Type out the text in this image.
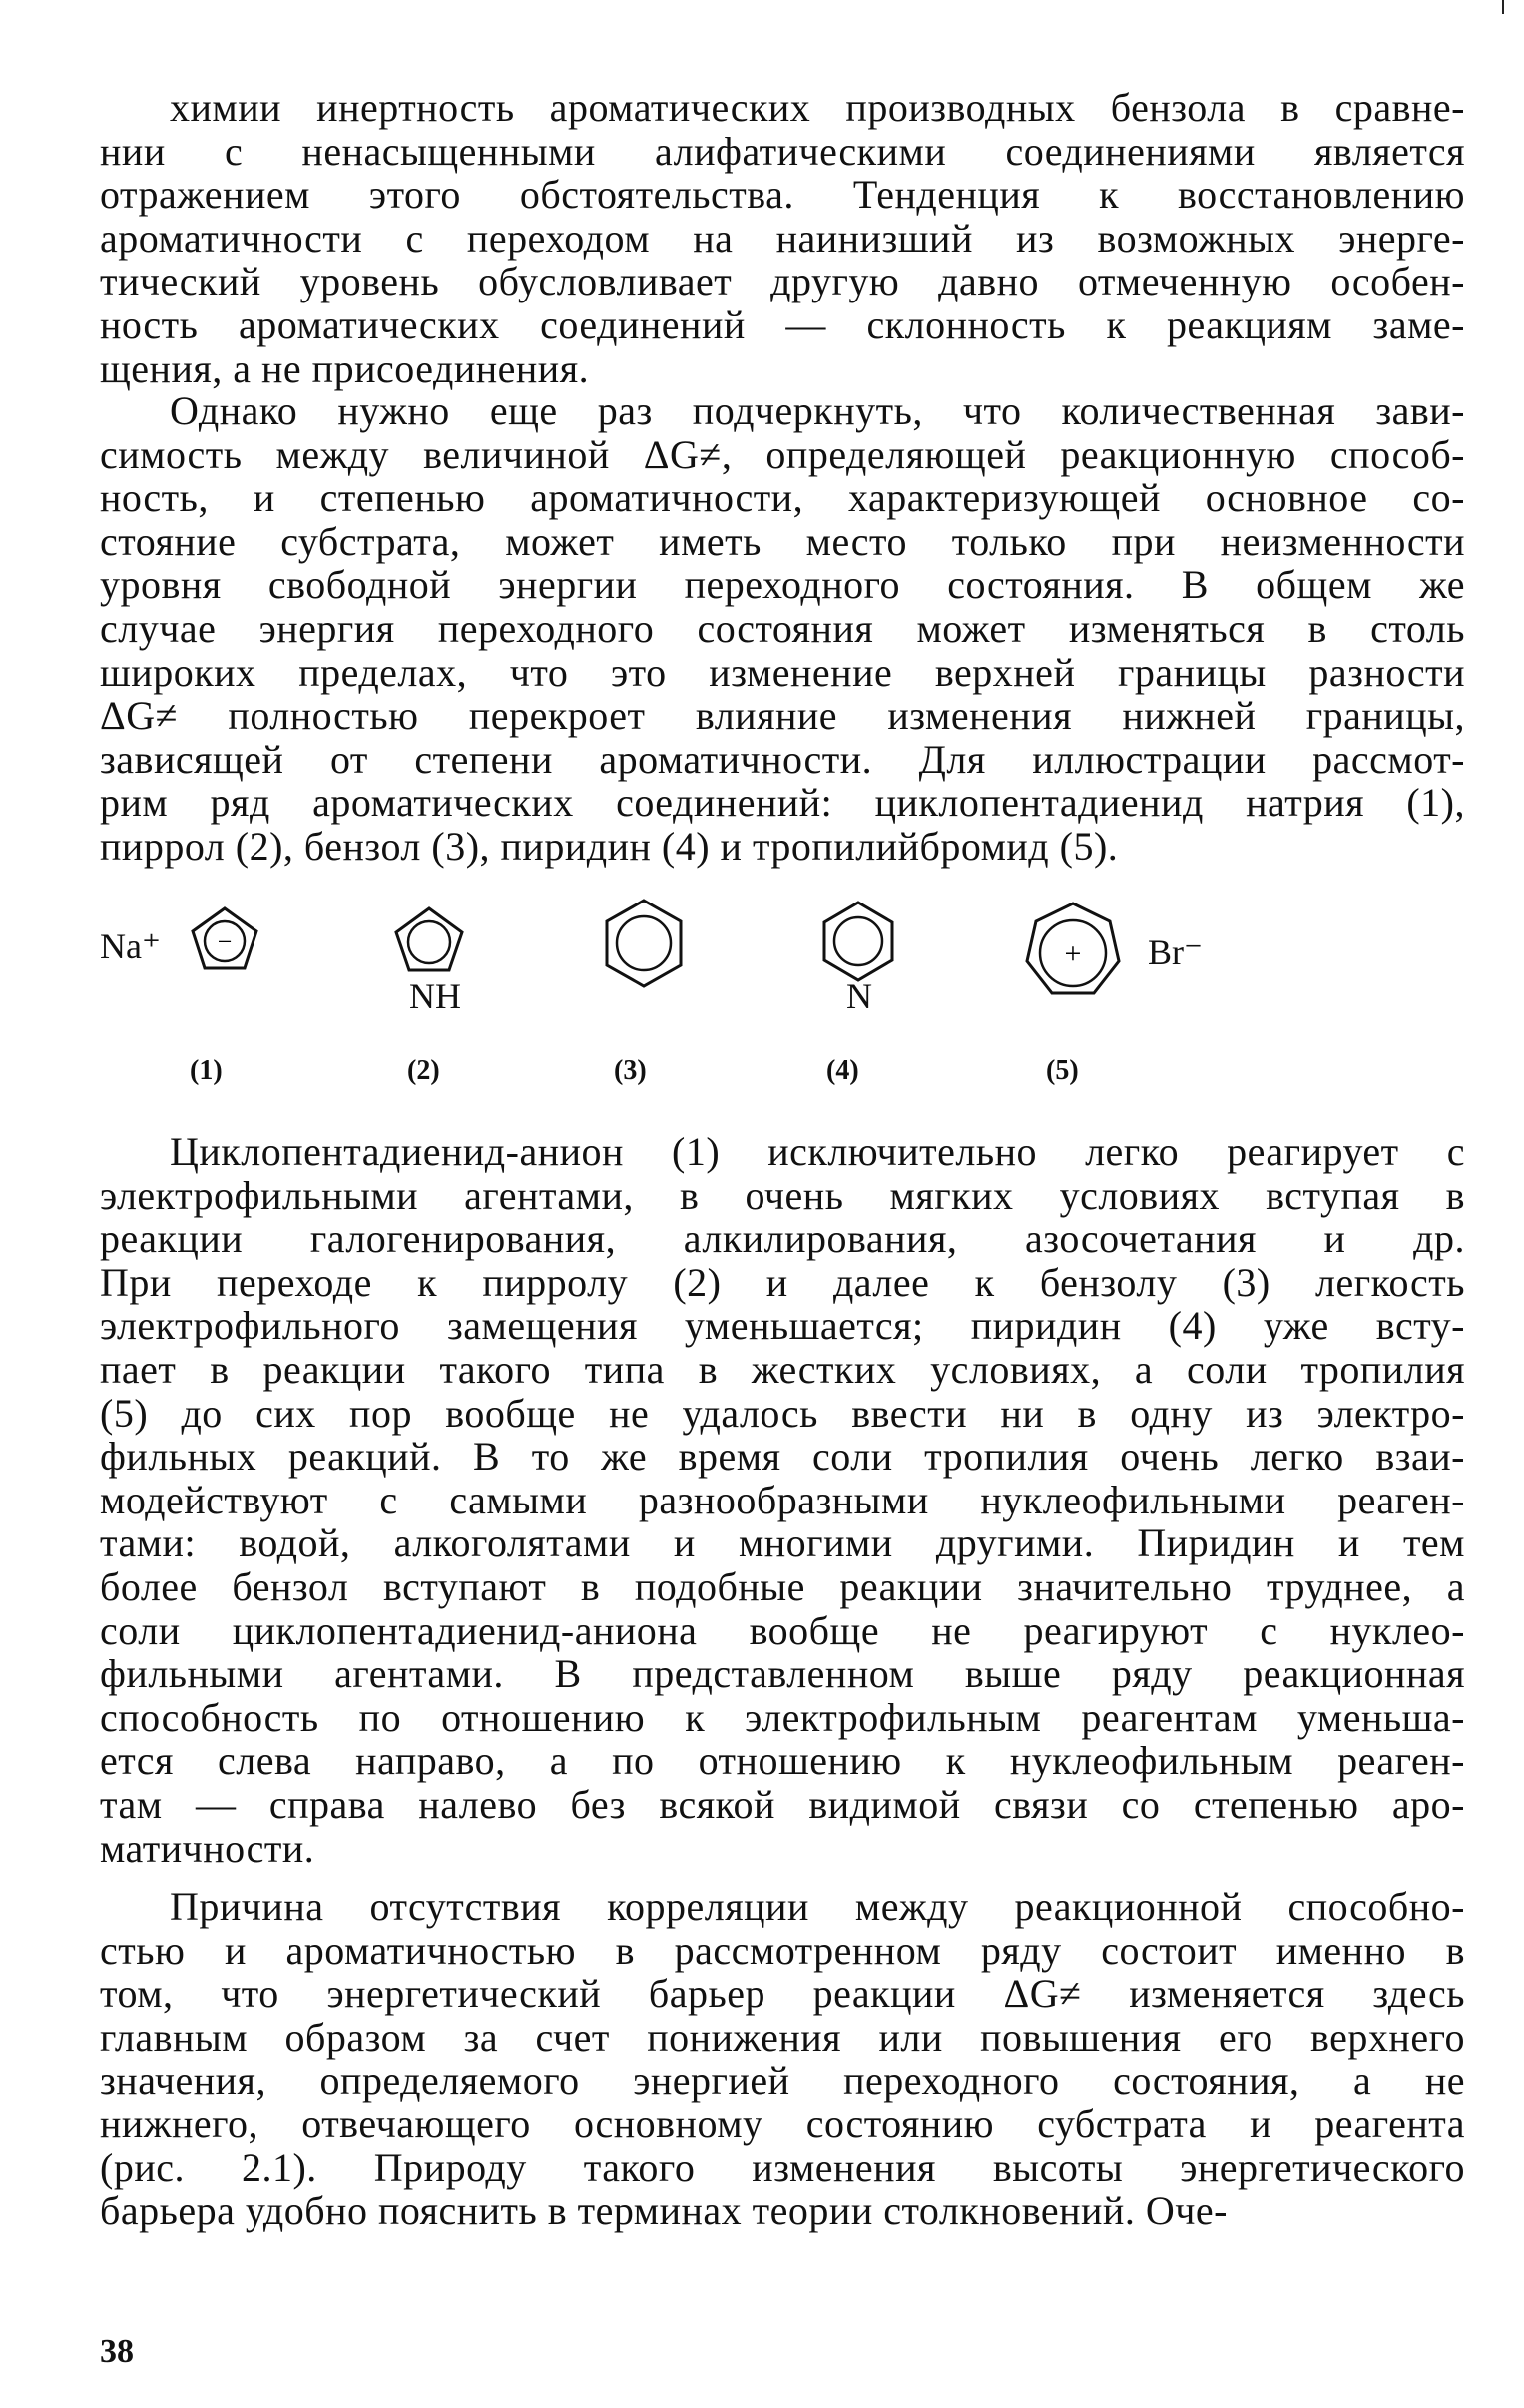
химии инертность ароматических производных бензола в сравне-
нии с ненасыщенными алифатическими соединениями является
отражением этого обстоятельства. Тенденция к восстановлению
ароматичности с переходом на наинизший из возможных энерге-
тический уровень обусловливает другую давно отмеченную особен-
ность ароматических соединений — склонность к реакциям заме-
щения, а не присоединения.
Однако нужно еще раз подчеркнуть, что количественная зави-
симость между величиной ΔG≠, определяющей реакционную способ-
ность, и степенью ароматичности, характеризующей основное со-
стояние субстрата, может иметь место только при неизменности
уровня свободной энергии переходного состояния. В общем же
случае энергия переходного состояния может изменяться в столь
широких пределах, что это изменение верхней границы разности
ΔG≠ полностью перекроет влияние изменения нижней границы,
зависящей от степени ароматичности. Для иллюстрации рассмот-
рим ряд ароматических соединений: циклопентадиенид натрия (1),
пиррол (2), бензол (3), пиридин (4) и тропилийбромид (5).
Na⁺ −
(1)
NH
(2)	(3)
N
(4)
+ Br⁻
(5)
Циклопентадиенид-анион (1) исключительно легко реагирует с
электрофильными агентами, в очень мягких условиях вступая в
реакции галогенирования, алкилирования, азосочетания и др.
При переходе к пирролу (2) и далее к бензолу (3) легкость
электрофильного замещения уменьшается; пиридин (4) уже всту-
пает в реакции такого типа в жестких условиях, а соли тропилия
(5) до сих пор вообще не удалось ввести ни в одну из электро-
фильных реакций. В то же время соли тропилия очень легко взаи-
модействуют с самыми разнообразными нуклеофильными реаген-
тами: водой, алкоголятами и многими другими. Пиридин и тем
более бензол вступают в подобные реакции значительно труднее, а
соли циклопентадиенид-аниона вообще не реагируют с нуклео-
фильными агентами. В представленном выше ряду реакционная
способность по отношению к электрофильным реагентам уменьша-
ется слева направо, а по отношению к нуклеофильным реаген-
там — справа налево без всякой видимой связи со степенью аро-
матичности.
Причина отсутствия корреляции между реакционной способно-
стью и ароматичностью в рассмотренном ряду состоит именно в
том, что энергетический барьер реакции ΔG≠ изменяется здесь
главным образом за счет понижения или повышения его верхнего
значения, определяемого энергией переходного состояния, а не
нижнего, отвечающего основному состоянию субстрата и реагента
(рис. 2.1). Природу такого изменения высоты энергетического
барьера удобно пояснить в терминах теории столкновений. Оче-
38
